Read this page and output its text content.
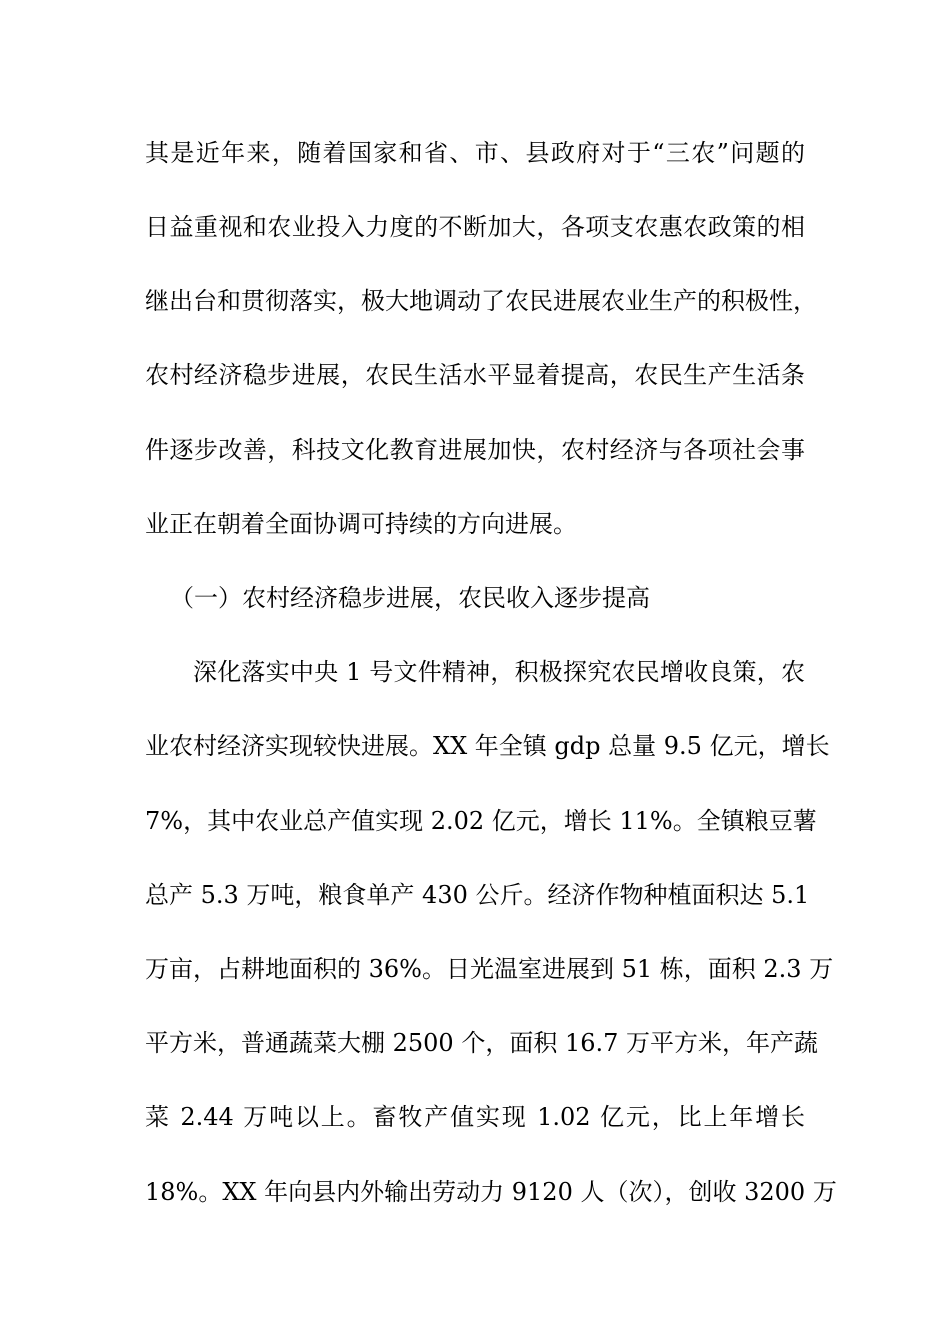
其是近年来，随着国家和省、市、县政府对于“三农”问题的
日益重视和农业投入力度的不断加大，各项支农惠农政策的相
继出台和贯彻落实，极大地调动了农民进展农业生产的积极性，
农村经济稳步进展，农民生活水平显着提高，农民生产生活条
件逐步改善，科技文化教育进展加快，农村经济与各项社会事
业正在朝着全面协调可持续的方向进展。
（一）农村经济稳步进展，农民收入逐步提高
深化落实中央 1 号文件精神，积极探究农民增收良策，农
业农村经济实现较快进展。XX 年全镇 gdp 总量 9.5 亿元，增长
7%，其中农业总产值实现 2.02 亿元，增长 11%。全镇粮豆薯
总产 5.3 万吨，粮食单产 430 公斤。经济作物种植面积达 5.1
万亩，占耕地面积的 36%。日光温室进展到 51 栋，面积 2.3 万
平方米，普通蔬菜大棚 2500 个，面积 16.7 万平方米，年产蔬
菜 2.44 万吨以上。畜牧产值实现 1.02 亿元，比上年增长
18%。XX 年向县内外输出劳动力 9120 人（次），创收 3200 万
